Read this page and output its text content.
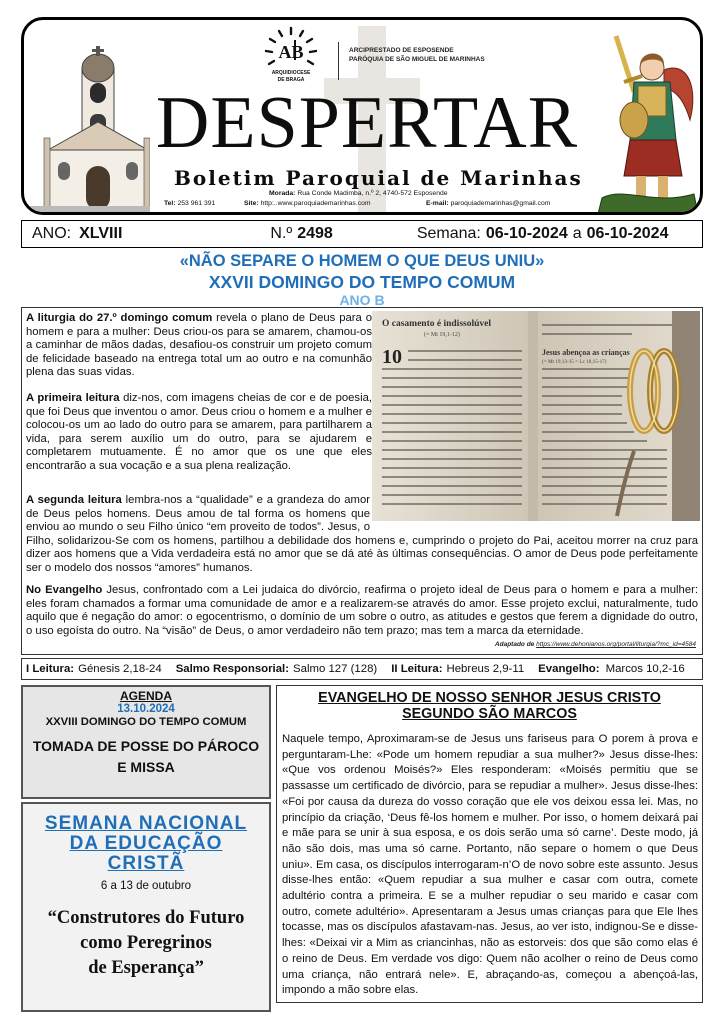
AB
ARQUIDIOCESE
DE BRAGA
ARCIPRESTADO DE ESPOSENDE
PARÓQUIA DE SÃO MIGUEL DE MARINHAS
DESPERTAR
Boletim Paroquial de Marinhas
Morada: Rua Conde Madimba, n.º 2, 4740-572 Esposende
Tel: 253 961 391	Site: http:..www.paroquiademarinhas.com	E-mail: paroquiademarinhas@gmail.com
ANO: XLVIII	N.º 2498	Semana: 06-10-2024 a 06-10-2024
«NÃO SEPARE O HOMEM O QUE DEUS UNIU»
XXVII DOMINGO DO TEMPO COMUM
ANO B
O casamento é indissolúvel
(= Mt 19,1-12)
10	Jesus abençoa as crianças
(= Mt 19,13-15 = Lc 18,15-17)

A liturgia do 27.º domingo comum revela o plano de Deus para o homem e para a mulher: Deus criou-os para se amarem, chamou-os a caminhar de mãos dadas, desafiou-os construir um projeto comum de felicidade baseado na entrega total um ao outro e na comunhão plena das suas vidas.

A primeira leitura diz-nos, com imagens cheias de cor e de poesia, que foi Deus que inventou o amor. Deus criou o homem e a mulher e colocou-os um ao lado do outro para se amarem, para partilharem a vida, para serem auxílio um do outro, para se ajudarem e completarem mutuamente. É no amor que os une que eles encontrarão a sua vocação e a sua plena realização.

A segunda leitura lembra-nos a “qualidade” e a grandeza do amor de Deus pelos homens. Deus amou de tal forma os homens que enviou ao mundo o seu Filho único “em proveito de todos”. Jesus, o Filho, solidarizou-Se com os homens, partilhou a debilidade dos homens e, cumprindo o projeto do Pai, aceitou morrer na cruz para dizer aos homens que a Vida verdadeira está no amor que se dá até às últimas consequências. O amor de Deus pode perfeitamente ser o modelo dos nossos “amores” humanos.
No Evangelho Jesus, confrontado com a Lei judaica do divórcio, reafirma o projeto ideal de Deus para o homem e para a mulher: eles foram chamados a formar uma comunidade de amor e a realizarem-se através do amor. Esse projeto exclui, naturalmente, tudo aquilo que é negação do amor: o egocentrismo, o domínio de um sobre o outro, as atitudes e gestos que ferem a dignidade do outro, o uso egoísta do outro. Na “visão” de Deus, o amor verdadeiro não tem prazo; mas tem a marca da eternidade.
Adaptado de https://www.dehonianos.org/portal/liturgia/?mc_id=4584
I Leitura: Génesis 2,18-24 Salmo Responsorial: Salmo 127 (128) II Leitura: Hebreus 2,9-11 Evangelho: Marcos 10,2-16
AGENDA
13.10.2024
XXVIII DOMINGO DO TEMPO COMUM
TOMADA DE POSSE DO PÁROCO
E MISSA
SEMANA NACIONAL
DA EDUCAÇÃO
CRISTÃ
6 a 13 de outubro
“Construtores do Futuro
como Peregrinos
de Esperança”
EVANGELHO DE NOSSO SENHOR JESUS CRISTO
SEGUNDO SÃO MARCOS
Naquele tempo, Aproximaram-se de Jesus uns fariseus para O porem à prova e perguntaram-Lhe: «Pode um homem repudiar a sua mulher?» Jesus disse-lhes: «Que vos ordenou Moisés?» Eles responderam: «Moisés permitiu que se passasse um certificado de divórcio, para se repudiar a mulher». Jesus disse-lhes: «Foi por causa da dureza do vosso coração que ele vos deixou essa lei. Mas, no princípio da criação, ‘Deus fê-los homem e mulher. Por isso, o homem deixará pai e mãe para se unir à sua esposa, e os dois serão uma só carne’. Deste modo, já não são dois, mas uma só carne. Portanto, não separe o homem o que Deus uniu». Em casa, os discípulos interrogaram-n’O de novo sobre este assunto. Jesus disse-lhes então: «Quem repudiar a sua mulher e casar com outra, comete adultério contra a primeira. E se a mulher repudiar o seu marido e casar com outro, comete adultério». Apresentaram a Jesus umas crianças para que Ele lhes tocasse, mas os discípulos afastavam-nas. Jesus, ao ver isto, indignou-Se e disse-lhes: «Deixai vir a Mim as criancinhas, não as estorveis: dos que são como elas é o reino de Deus. Em verdade vos digo: Quem não acolher o reino de Deus como uma criança, não entrará nele». E, abraçando-as, começou a abençoá-las, impondo a mão sobre elas.
